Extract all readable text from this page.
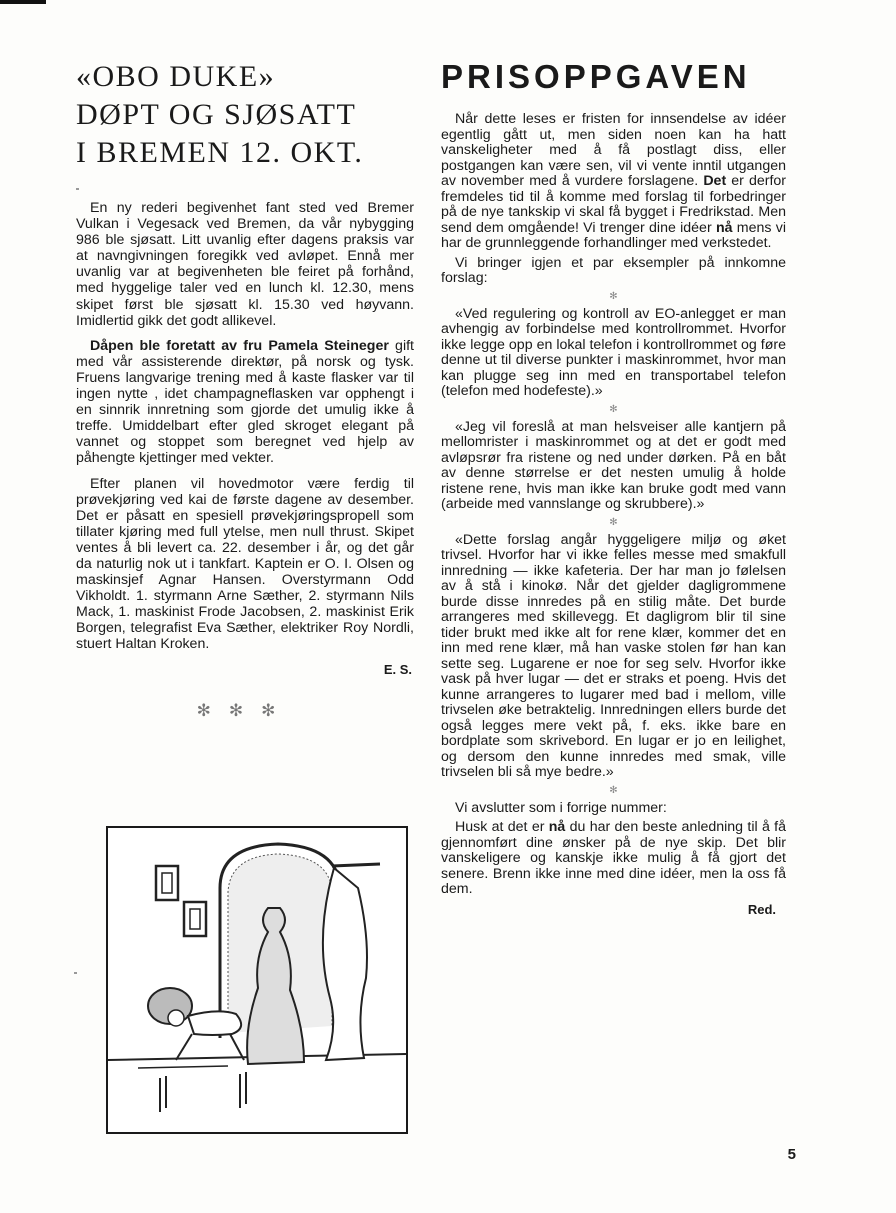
«OBO DUKE»
DØPT OG SJØSATT
I BREMEN 12. OKT.

En ny rederi begivenhet fant sted ved Bremer Vulkan i Vegesack ved Bremen, da vår nybygging 986 ble sjøsatt. Litt uvanlig efter dagens praksis var at navngivningen foregikk ved avløpet. Ennå mer uvanlig var at begivenheten ble feiret på forhånd, med hyggelige taler ved en lunch kl. 12.30, mens skipet først ble sjøsatt kl. 15.30 ved høyvann. Imidlertid gikk det godt allikevel.

Dåpen ble foretatt av fru Pamela Steineger gift med vår assisterende direktør, på norsk og tysk. Fruens langvarige trening med å kaste flasker var til ingen nytte , idet champagneflasken var opphengt i en sinnrik innretning som gjorde det umulig ikke å treffe. Umiddelbart efter gled skroget elegant på vannet og stoppet som beregnet ved hjelp av påhengte kjettinger med vekter.

Efter planen vil hovedmotor være ferdig til prøvekjøring ved kai de første dagene av desember. Det er påsatt en spesiell prøvekjøringspropell som tillater kjøring med full ytelse, men null thrust. Skipet ventes å bli levert ca. 22. desember i år, og det går da naturlig nok ut i tankfart. Kaptein er O. I. Olsen og maskinsjef Agnar Hansen. Overstyrmann Odd Vikholdt. 1. styrmann Arne Sæther, 2. styrmann Nils Mack, 1. maskinist Frode Jacobsen, 2. maskinist Erik Borgen, telegrafist Eva Sæther, elektriker Roy Nordli, stuert Haltan Kroken.

E. S.
✻✻✻
PRISOPPGAVEN

Når dette leses er fristen for innsendelse av idéer egentlig gått ut, men siden noen kan ha hatt vanskeligheter med å få postlagt diss, eller postgangen kan være sen, vil vi vente inntil utgangen av november med å vurdere forslagene. Det er derfor fremdeles tid til å komme med forslag til forbedringer på de nye tankskip vi skal få bygget i Fredrikstad. Men send dem omgående! Vi trenger dine idéer nå mens vi har de grunnleggende forhandlinger med verkstedet.

Vi bringer igjen et par eksempler på innkomne forslag:

✻

«Ved regulering og kontroll av EO-anlegget er man avhengig av forbindelse med kontrollrommet. Hvorfor ikke legge opp en lokal telefon i kontrollrommet og føre denne ut til diverse punkter i maskinrommet, hvor man kan plugge seg inn med en transportabel telefon (telefon med hodefeste).»

✻

«Jeg vil foreslå at man helsveiser alle kantjern på mellomrister i maskinrommet og at det er godt med avløpsrør fra ristene og ned under dørken. På en båt av denne størrelse er det nesten umulig å holde ristene rene, hvis man ikke kan bruke godt med vann (arbeide med vannslange og skrubbere).»

✻

«Dette forslag angår hyggeligere miljø og øket trivsel. Hvorfor har vi ikke felles messe med smakfull innredning — ikke kafeteria. Der har man jo følelsen av å stå i kinokø. Når det gjelder dagligrommene burde disse innredes på en stilig måte. Det burde arrangeres med skillevegg. Et dagligrom blir til sine tider brukt med ikke alt for rene klær, kommer det en inn med rene klær, må han vaske stolen før han kan sette seg. Lugarene er noe for seg selv. Hvorfor ikke vask på hver lugar — det er straks et poeng. Hvis det kunne arrangeres to lugarer med bad i mellom, ville trivselen øke betraktelig. Innredningen ellers burde det også legges mere vekt på, f. eks. ikke bare en bordplate som skrivebord. En lugar er jo en leilighet, og dersom den kunne innredes med smak, ville trivselen bli så mye bedre.»

✻

Vi avslutter som i forrige nummer:

Husk at det er nå du har den beste anledning til å få gjennomført dine ønsker på de nye skip. Det blir vanskeligere og kanskje ikke mulig å få gjort det senere. Brenn ikke inne med dine idéer, men la oss få dem.

Red.
5
